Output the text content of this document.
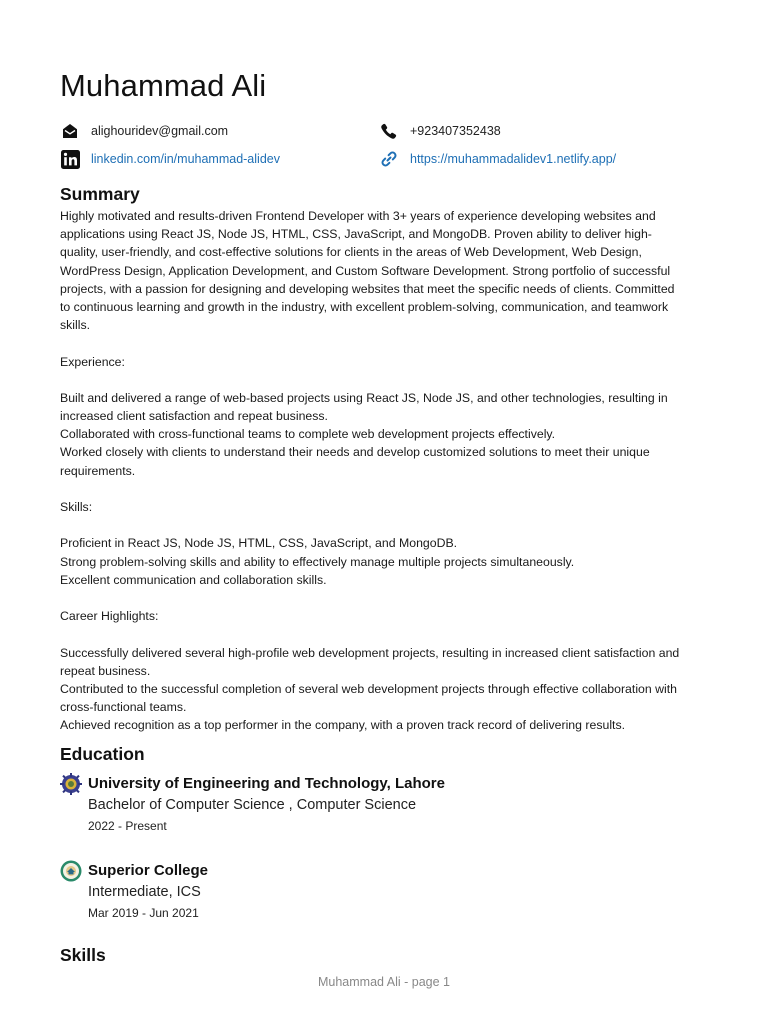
Muhammad Ali
alighouridev@gmail.com	+923407352438
linkedin.com/in/muhammad-alidev	https://muhammadalidev1.netlify.app/
Summary
Highly motivated and results-driven Frontend Developer with 3+ years of experience developing websites and
applications using React JS, Node JS, HTML, CSS, JavaScript, and MongoDB. Proven ability to deliver high-
quality, user-friendly, and cost-effective solutions for clients in the areas of Web Development, Web Design,
WordPress Design, Application Development, and Custom Software Development. Strong portfolio of successful
projects, with a passion for designing and developing websites that meet the specific needs of clients. Committed
to continuous learning and growth in the industry, with excellent problem-solving, communication, and teamwork
skills.
Experience:
Built and delivered a range of web-based projects using React JS, Node JS, and other technologies, resulting in
increased client satisfaction and repeat business.
Collaborated with cross-functional teams to complete web development projects effectively.
Worked closely with clients to understand their needs and develop customized solutions to meet their unique
requirements.
Skills:
Proficient in React JS, Node JS, HTML, CSS, JavaScript, and MongoDB.
Strong problem-solving skills and ability to effectively manage multiple projects simultaneously.
Excellent communication and collaboration skills.
Career Highlights:
Successfully delivered several high-profile web development projects, resulting in increased client satisfaction and
repeat business.
Contributed to the successful completion of several web development projects through effective collaboration with
cross-functional teams.
Achieved recognition as a top performer in the company, with a proven track record of delivering results.
Education
University of Engineering and Technology, Lahore
Bachelor of Computer Science , Computer Science
2022 - Present
Superior College
Intermediate, ICS
Mar 2019 - Jun 2021
Skills
Muhammad Ali - page 1
